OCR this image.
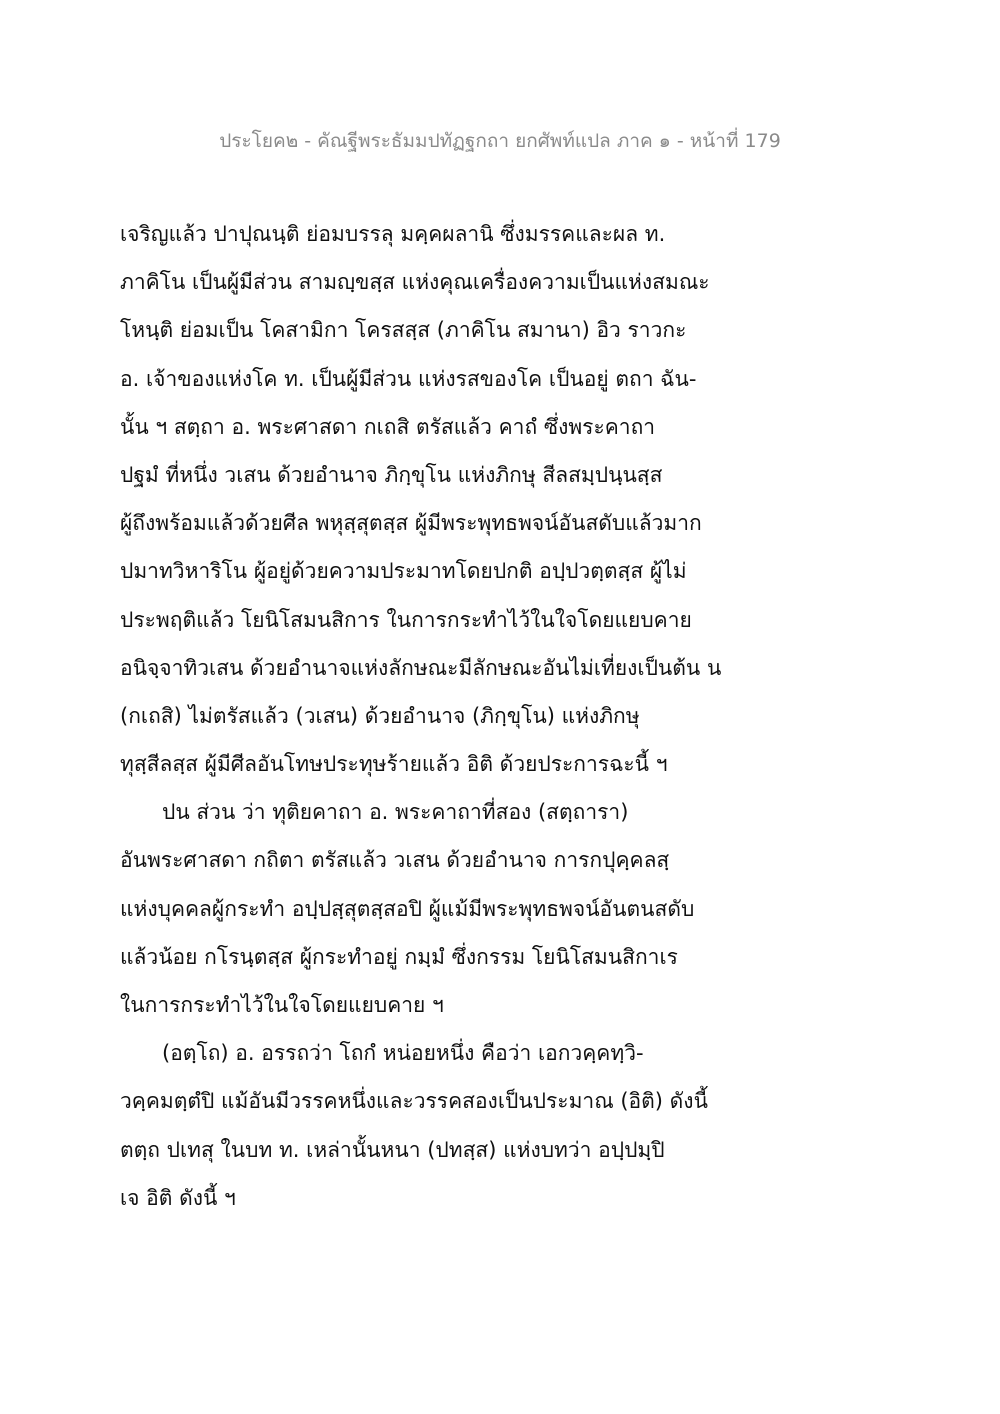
ประโยค๒ - คัณฐีพระธัมมปทัฏฐกถา ยกศัพท์แปล ภาค ๑ - หน้าที่ 179
เจริญแล้ว ปาปุณนฺติ ย่อมบรรลุ มคฺคผลานิ ซึ่งมรรคและผล ท.
ภาคิโน เป็นผู้มีส่วน สามญฺขสฺส แห่งคุณเครื่องความเป็นแห่งสมณะ
โหนฺติ ย่อมเป็น โคสามิกา โครสสฺส (ภาคิโน สมานา) อิว ราวกะ
อ. เจ้าของแห่งโค ท. เป็นผู้มีส่วน แห่งรสของโค เป็นอยู่ ตถา ฉัน-
นั้น ฯ สตฺถา อ. พระศาสดา กเถสิ ตรัสแล้ว คาถํ ซึ่งพระคาถา
ปฐมํ ที่หนึ่ง วเสน ด้วยอำนาจ ภิกฺขุโน แห่งภิกษุ สีลสมฺปนฺนสฺส
ผู้ถึงพร้อมแล้วด้วยศีล พหุสฺสุตสฺส ผู้มีพระพุทธพจน์อันสดับแล้วมาก
ปมาทวิหาริโน ผู้อยู่ด้วยความประมาทโดยปกติ อปฺปวตฺตสฺส ผู้ไม่
ประพฤติแล้ว โยนิโสมนสิการ ในการกระทำไว้ในใจโดยแยบคาย
อนิจฺจาทิวเสน ด้วยอำนาจแห่งลักษณะมีลักษณะอันไม่เที่ยงเป็นต้น น
(กเถสิ) ไม่ตรัสแล้ว (วเสน) ด้วยอำนาจ (ภิกฺขุโน) แห่งภิกษุ
ทุสฺสีลสฺส ผู้มีศีลอันโทษประทุษร้ายแล้ว อิติ ด้วยประการฉะนี้ ฯ
ปน ส่วน ว่า ทุติยคาถา อ. พระคาถาที่สอง (สตฺถารา)
อันพระศาสดา กถิตา ตรัสแล้ว วเสน ด้วยอำนาจ การกปุคฺคลสฺ
แห่งบุคคลผู้กระทำ อปฺปสฺสุตสฺสอปิ ผู้แม้มีพระพุทธพจน์อันตนสดับ
แล้วน้อย กโรนฺตสฺส ผู้กระทำอยู่ กมฺมํ ซึ่งกรรม โยนิโสมนสิกาเร
ในการกระทำไว้ในใจโดยแยบคาย ฯ
(อตฺโถ) อ. อรรถว่า โถกํ หน่อยหนึ่ง คือว่า เอกวคฺคทฺวิ-
วคฺคมตฺตํปิ แม้อันมีวรรคหนึ่งและวรรคสองเป็นประมาณ (อิติ) ดังนี้
ตตฺถ ปเทสุ ในบท ท. เหล่านั้นหนา (ปทสฺส) แห่งบทว่า อปฺปมฺปิ
เจ อิติ ดังนี้ ฯ
